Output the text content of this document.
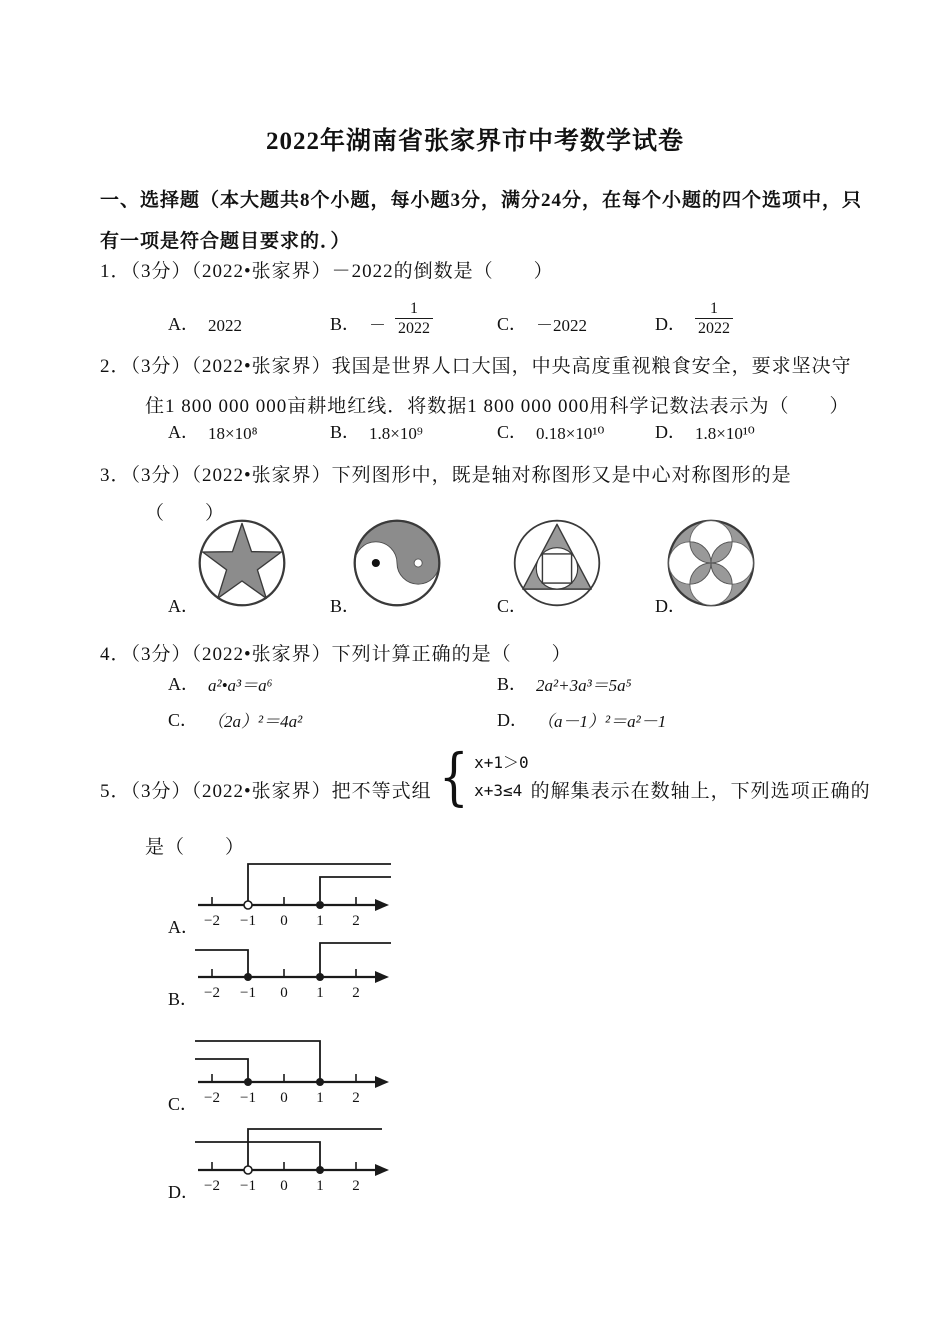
2022年湖南省张家界市中考数学试卷
一、选择题（本大题共8个小题，每小题3分，满分24分，在每个小题的四个选项中，只
有一项是符合题目要求的．）
1．（3分）（2022•张家界）－2022的倒数是（　　）
A． 2022	B． － $\frac{1}{2022}$	C． －2022	D． $\frac{1}{2022}$
2．（3分）（2022•张家界）我国是世界人口大国，中央高度重视粮食安全，要求坚决守
住1 800 000 000亩耕地红线．将数据1 800 000 000用科学记数法表示为（　　）
A． 18×10⁸	B． 1.8×10⁹	C． 0.18×10¹⁰	D． 1.8×10¹⁰
3．（3分）（2022•张家界）下列图形中，既是轴对称图形又是中心对称图形的是
（　　）
A．	B．	C．	D．
4．（3分）（2022•张家界）下列计算正确的是（　　）
A． a²•a³＝a⁶	B． 2a²+3a³＝5a⁵
C． （2a）²＝4a²	D． （a－1）²＝a²－1
5．（3分）（2022•张家界）把不等式组 { x+1＞0
x+3≤4 的解集表示在数轴上，下列选项正确的
是（　　）
A． −2 −1 0 1 2
B． −2 −1 0 1 2
C． −2 −1 0 1 2
D． −2 −1 0 1 2
